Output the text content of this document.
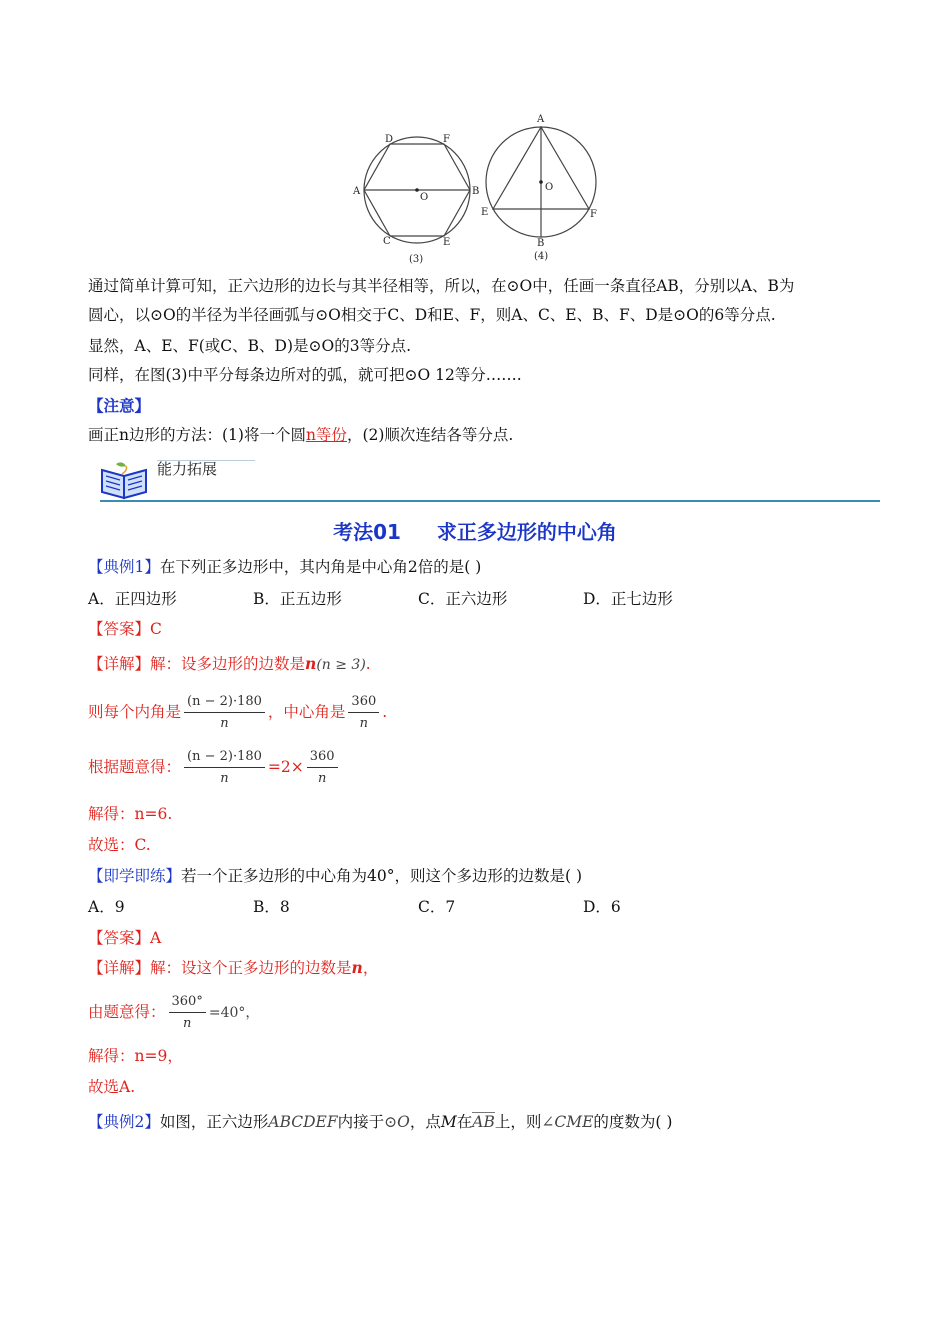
D	F
A	B
O
C	E
(3)
A
O
E	F
B
(4)
通过简单计算可知，正六边形的边长与其半径相等，所以，在⊙O中，任画一条直径AB，分别以A、B为
圆心，以⊙O的半径为半径画弧与⊙O相交于C、D和E、F，则A、C、E、B、F、D是⊙O的6等分点.
显然，A、E、F(或C、B、D)是⊙O的3等分点.
同样，在图(3)中平分每条边所对的弧，就可把⊙O 12等分…….
【注意】
画正n边形的方法：(1)将一个圆n等份，(2)顺次连结各等分点.
能力拓展
考法01 求正多边形的中心角
【典例1】在下列正多边形中，其内角是中心角2倍的是( )
A．正四边形	B．正五边形	C．正六边形	D．正七边形
【答案】C
【详解】解：设多边形的边数是n(n ≥ 3).
则每个内角是 $\frac{(n - 2)\cdot 180}{n}$ ，中心角是 $\frac{360}{n}$ .
根据题意得： $\frac{(n - 2)\cdot 180}{n} =2\times \frac{360}{n}$
解得：n=6.
故选：C.
【即学即练】若一个正多边形的中心角为40°，则这个多边形的边数是( )
A．9	B．8	C．7	D．6
【答案】A
【详解】解：设这个正多边形的边数是n，
由题意得： $\frac{360^\circ}{n} =40^\circ$，
解得：n=9，
故选A.
【典例2】如图，正六边形ABCDEF内接于⊙O，点M在AB上，则∠CME的度数为( )
